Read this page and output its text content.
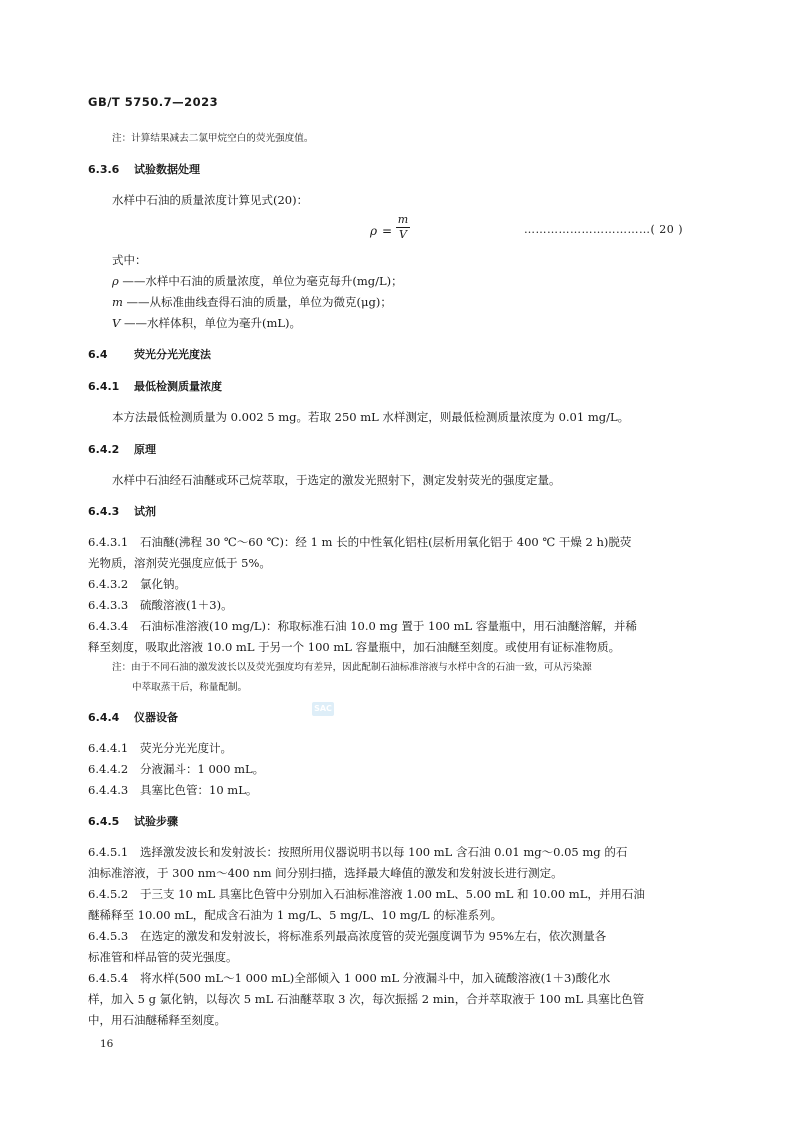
GB/T 5750.7—2023
注：计算结果减去二氯甲烷空白的荧光强度值。
6.3.6 试验数据处理
水样中石油的质量浓度计算见式(20)：
ρ =
m
V	……………………………( 20 )
式中：
ρ ——水样中石油的质量浓度，单位为毫克每升(mg/L)；
m ——从标准曲线查得石油的质量，单位为微克(μg)；
V ——水样体积，单位为毫升(mL)。
6.4 荧光分光光度法
6.4.1 最低检测质量浓度
本方法最低检测质量为 0.002 5 mg。若取 250 mL 水样测定，则最低检测质量浓度为 0.01 mg/L。
6.4.2 原理
水样中石油经石油醚或环己烷萃取，于选定的激发光照射下，测定发射荧光的强度定量。
6.4.3 试剂
6.4.3.1 石油醚(沸程 30 ℃～60 ℃)：经 1 m 长的中性氧化铝柱(层析用氧化铝于 400 ℃ 干燥 2 h)脱荧
光物质，溶剂荧光强度应低于 5%。
6.4.3.2 氯化钠。
6.4.3.3 硫酸溶液(1＋3)。
6.4.3.4 石油标准溶液(10 mg/L)：称取标准石油 10.0 mg 置于 100 mL 容量瓶中，用石油醚溶解，并稀
释至刻度，吸取此溶液 10.0 mL 于另一个 100 mL 容量瓶中，加石油醚至刻度。或使用有证标准物质。
注：由于不同石油的激发波长以及荧光强度均有差异，因此配制石油标准溶液与水样中含的石油一致，可从污染源
中萃取蒸干后，称量配制。
SAC
6.4.4 仪器设备
6.4.4.1 荧光分光光度计。
6.4.4.2 分液漏斗：1 000 mL。
6.4.4.3 具塞比色管：10 mL。
6.4.5 试验步骤
6.4.5.1 选择激发波长和发射波长：按照所用仪器说明书以每 100 mL 含石油 0.01 mg～0.05 mg 的石
油标准溶液，于 300 nm～400 nm 间分别扫描，选择最大峰值的激发和发射波长进行测定。
6.4.5.2 于三支 10 mL 具塞比色管中分别加入石油标准溶液 1.00 mL、5.00 mL 和 10.00 mL，并用石油
醚稀释至 10.00 mL，配成含石油为 1 mg/L、5 mg/L、10 mg/L 的标准系列。
6.4.5.3 在选定的激发和发射波长，将标准系列最高浓度管的荧光强度调节为 95%左右，依次测量各
标准管和样品管的荧光强度。
6.4.5.4 将水样(500 mL～1 000 mL)全部倾入 1 000 mL 分液漏斗中，加入硫酸溶液(1＋3)酸化水
样，加入 5 g 氯化钠，以每次 5 mL 石油醚萃取 3 次，每次振摇 2 min，合并萃取液于 100 mL 具塞比色管
中，用石油醚稀释至刻度。
16
